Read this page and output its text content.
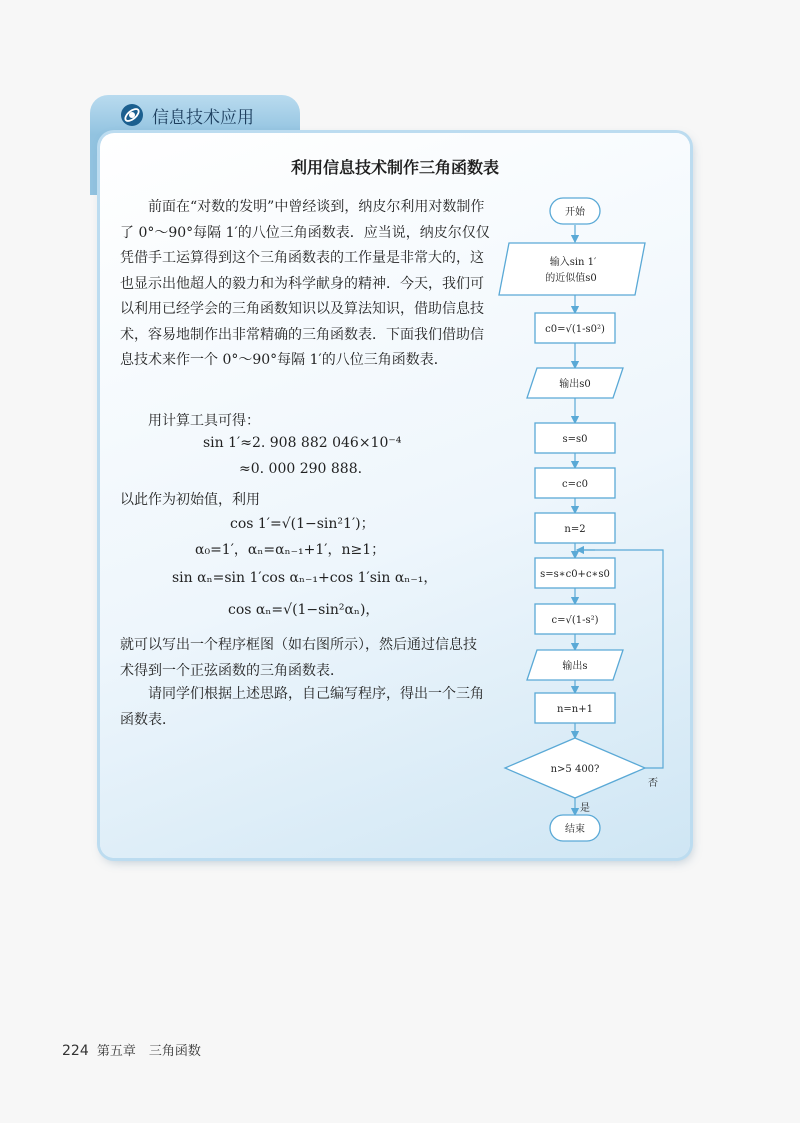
信息技术应用
利用信息技术制作三角函数表
前面在“对数的发明”中曾经谈到，纳皮尔利用对数制作了 0°～90°每隔 1′的八位三角函数表．应当说，纳皮尔仅仅凭借手工运算得到这个三角函数表的工作量是非常大的，这也显示出他超人的毅力和为科学献身的精神．今天，我们可以利用已经学会的三角函数知识以及算法知识，借助信息技术，容易地制作出非常精确的三角函数表．下面我们借助信息技术来作一个 0°～90°每隔 1′的八位三角函数表．
用计算工具可得：
sin 1′≈2. 908 882 046×10⁻⁴
≈0. 000 290 888.
以此作为初始值，利用
cos 1′=√(1−sin²1′)；
α₀=1′，αₙ=αₙ₋₁+1′，n≥1；
sin αₙ=sin 1′cos αₙ₋₁+cos 1′sin αₙ₋₁，
cos αₙ=√(1−sin²αₙ)，
就可以写出一个程序框图（如右图所示），然后通过信息技术得到一个正弦函数的三角函数表．
请同学们根据上述思路，自己编写程序，得出一个三角函数表．
开始
输入sin 1′
的近似值s0
c0=√(1-s0²)
输出s0
s=s0
c=c0
n=2
s=s∗c0+c∗s0
c=√(1-s²)
输出s
n=n+1
n>5 400?
否
是
结束
224 第五章　三角函数
